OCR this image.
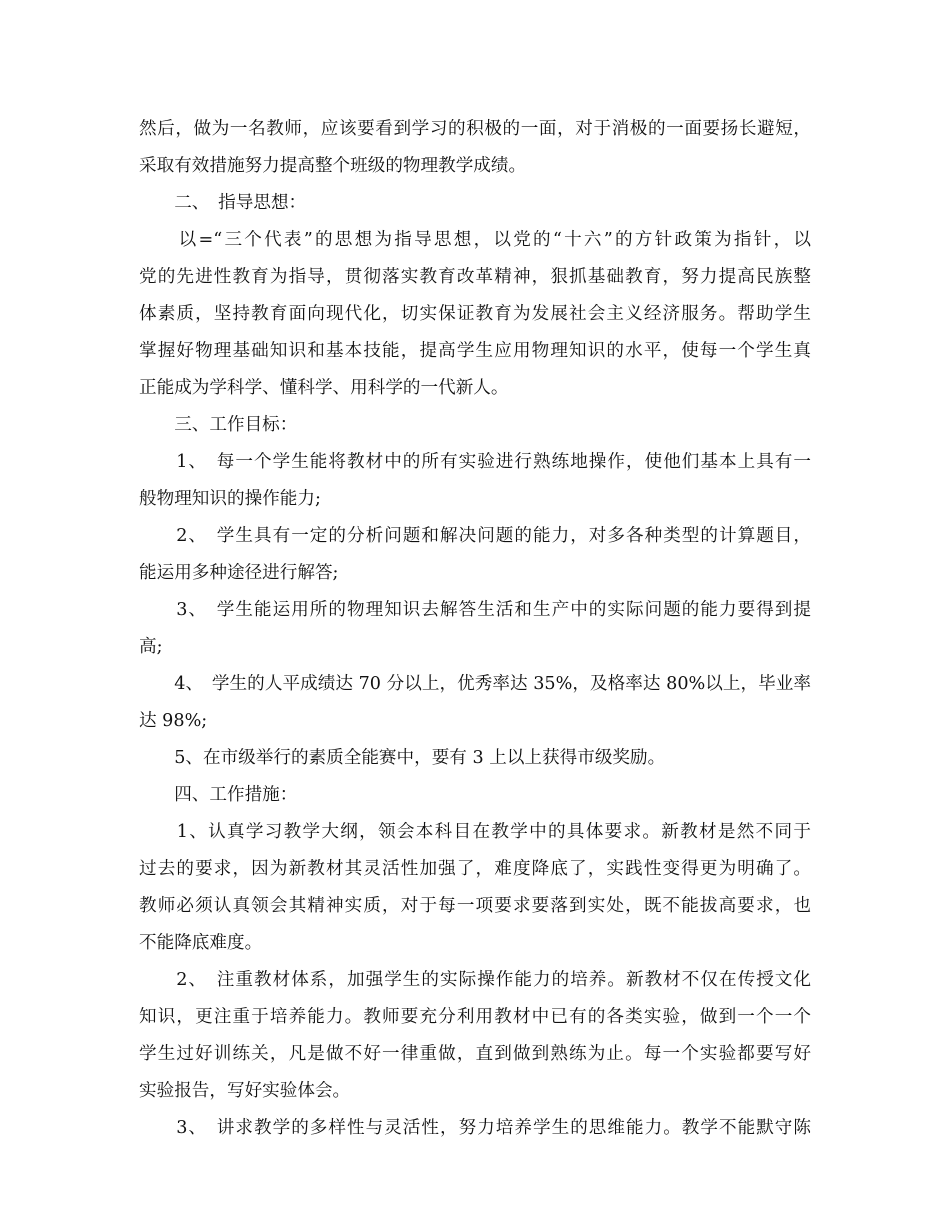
然后，做为一名教师，应该要看到学习的积极的一面，对于消极的一面要扬长避短，
采取有效措施努力提高整个班级的物理教学成绩。
　　二、　指导思想：
　　以=“三个代表”的思想为指导思想，以党的“十六”的方针政策为指针，以
党的先进性教育为指导，贯彻落实教育改革精神，狠抓基础教育，努力提高民族整
体素质，坚持教育面向现代化，切实保证教育为发展社会主义经济服务。帮助学生
掌握好物理基础知识和基本技能，提高学生应用物理知识的水平，使每一个学生真
正能成为学科学、懂科学、用科学的一代新人。
　　三、工作目标：
　　1、　每一个学生能将教材中的所有实验进行熟练地操作，使他们基本上具有一
般物理知识的操作能力;
　　2、　学生具有一定的分析问题和解决问题的能力，对多各种类型的计算题目，
能运用多种途径进行解答;
　　3、　学生能运用所的物理知识去解答生活和生产中的实际问题的能力要得到提
高;
　　4、　学生的人平成绩达 70 分以上，优秀率达 35%，及格率达 80%以上，毕业率
达 98%;
　　5、在市级举行的素质全能赛中，要有 3 上以上获得市级奖励。
　　四、工作措施：
　　1、认真学习教学大纲，领会本科目在教学中的具体要求。新教材是然不同于
过去的要求，因为新教材其灵活性加强了，难度降底了，实践性变得更为明确了。
教师必须认真领会其精神实质，对于每一项要求要落到实处，既不能拔高要求，也
不能降底难度。
　　2、　注重教材体系，加强学生的实际操作能力的培养。新教材不仅在传授文化
知识，更注重于培养能力。教师要充分利用教材中已有的各类实验，做到一个一个
学生过好训练关，凡是做不好一律重做，直到做到熟练为止。每一个实验都要写好
实验报告，写好实验体会。
　　3、　讲求教学的多样性与灵活性，努力培养学生的思维能力。教学不能默守陈
